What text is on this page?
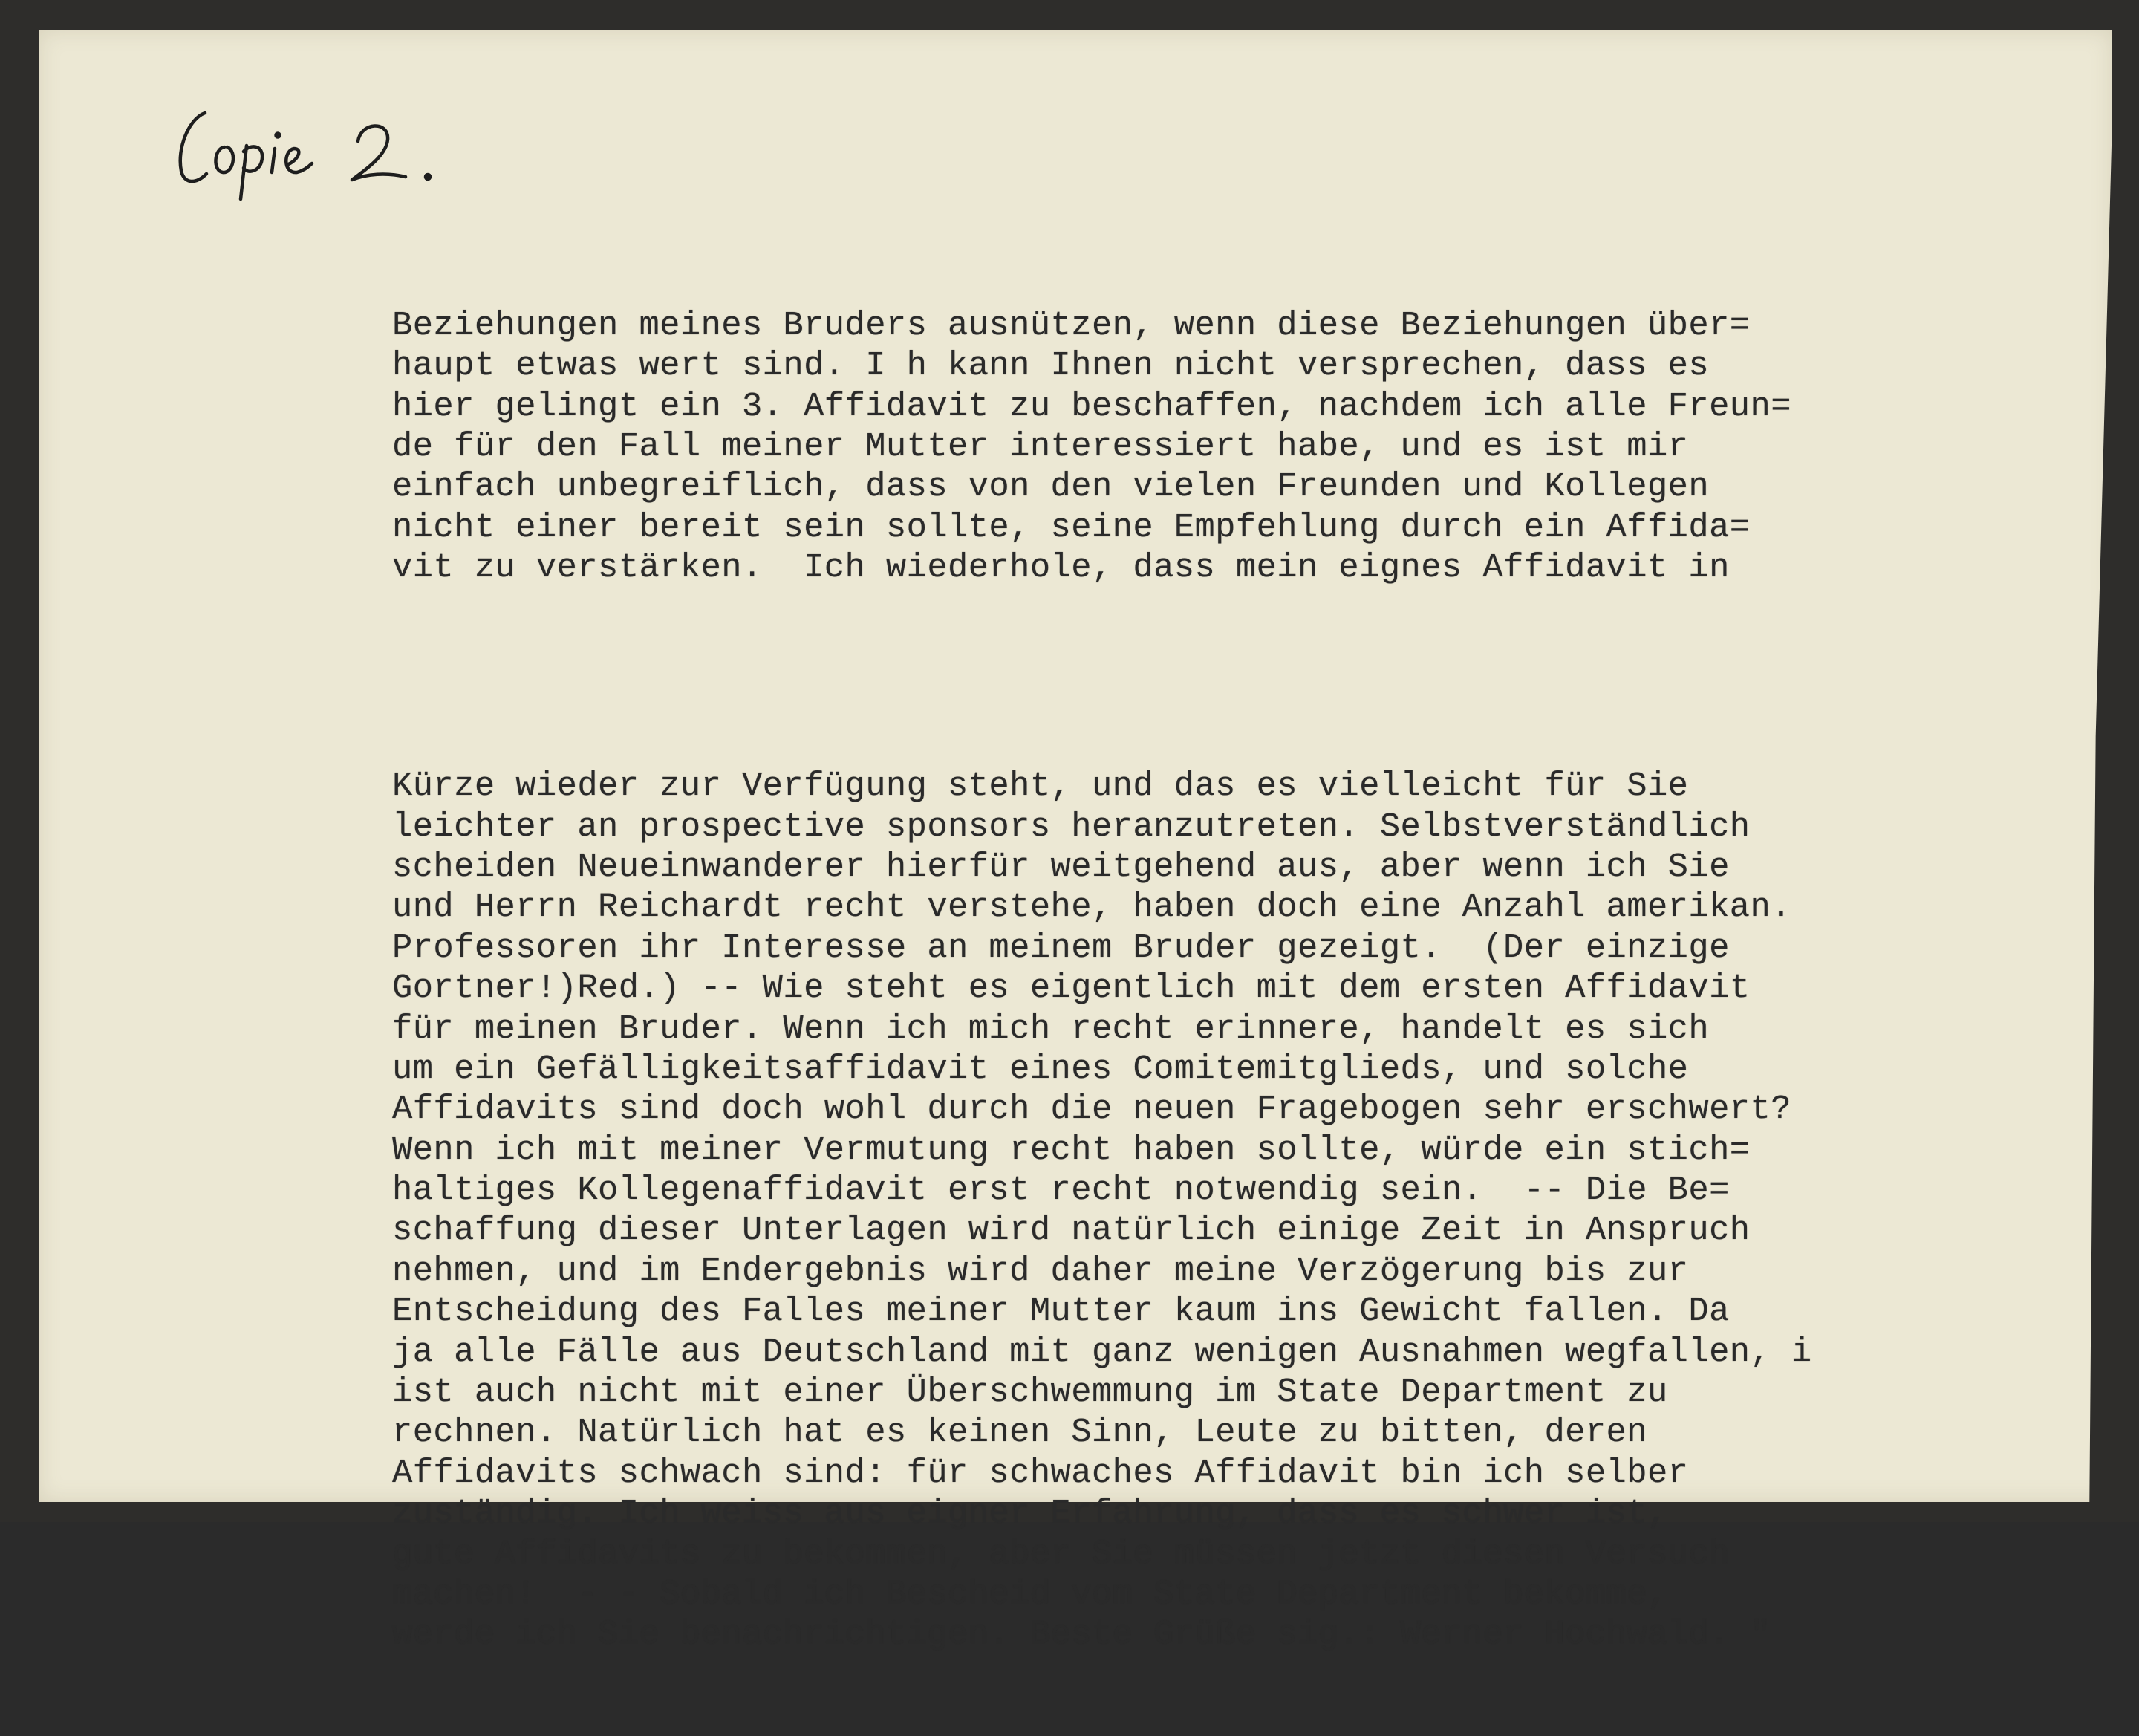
Beziehungen meines Bruders ausnützen, wenn diese Beziehungen über=
haupt etwas wert sind. I h kann Ihnen nicht versprechen, dass es
hier gelingt ein 3. Affidavit zu beschaffen, nachdem ich alle Freun=
de für den Fall meiner Mutter interessiert habe, und es ist mir
einfach unbegreiflich, dass von den vielen Freunden und Kollegen
nicht einer bereit sein sollte, seine Empfehlung durch ein Affida=
vit zu verstärken.  Ich wiederhole, dass mein eignes Affidavit in

Kürze wieder zur Verfügung steht, und das es vielleicht für Sie
leichter an prospective sponsors heranzutreten. Selbstverständlich
scheiden Neueinwanderer hierfür weitgehend aus, aber wenn ich Sie
und Herrn Reichardt recht verstehe, haben doch eine Anzahl amerikan.
Professoren ihr Interesse an meinem Bruder gezeigt.  (Der einzige
Gortner!)Red.) -- Wie steht es eigentlich mit dem ersten Affidavit
für meinen Bruder. Wenn ich mich recht erinnere, handelt es sich
um ein Gefälligkeitsaffidavit eines Comitemitglieds, und solche
Affidavits sind doch wohl durch die neuen Fragebogen sehr erschwert?
Wenn ich mit meiner Vermutung recht haben sollte, würde ein stich=
haltiges Kollegenaffidavit erst recht notwendig sein.  -- Die Be=
schaffung dieser Unterlagen wird natürlich einige Zeit in Anspruch
nehmen, und im Endergebnis wird daher meine Verzögerung bis zur
Entscheidung des Falles meiner Mutter kaum ins Gewicht fallen. Da
ja alle Fälle aus Deutschland mit ganz wenigen Ausnahmen wegfallen, i
ist auch nicht mit einer Überschwemmung im State Department zu
rechnen. Natürlich hat es keinen Sinn, Leute zu bitten, deren
Affidavits schwach sind: für schwaches Affidavit bin ich selber
zuständig. Ich weiss aus eigner Erfahrung, dass es schwer ist,
gute Affidavits zu bekommen, aber Sie müssen jetzt diesen Versuch
machen!  - - Sobald ich Bescheid vom State Department bekomme,
werde ich Sie benachrichtigen. Beste Grüße sig.: Werner Hochwald. "
